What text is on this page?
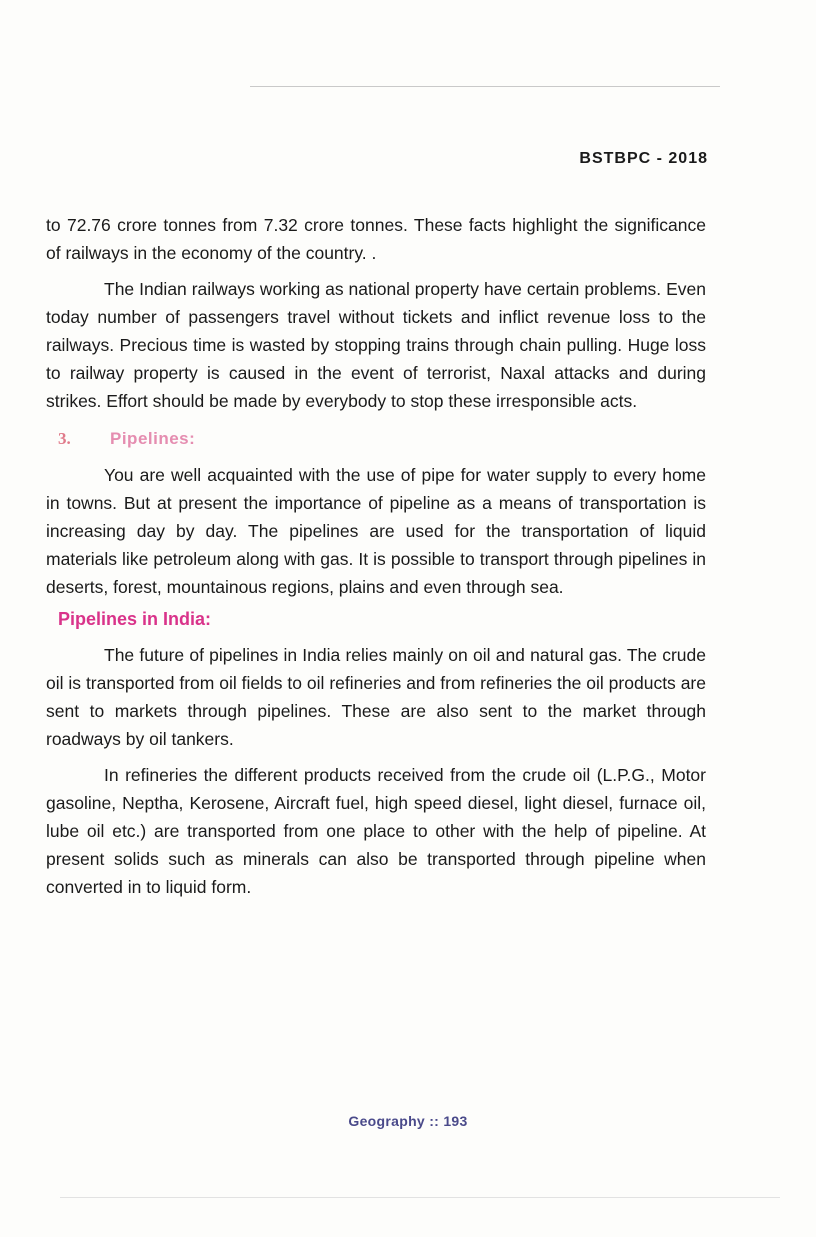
BSTBPC - 2018

to 72.76 crore tonnes from 7.32 crore tonnes. These facts highlight the significance of railways in the economy of the country. .

The Indian railways working as national property have certain problems. Even today number of passengers travel without tickets and inflict revenue loss to the railways. Precious time is wasted by stopping trains through chain pulling. Huge loss to railway property is caused in the event of terrorist, Naxal attacks and during strikes. Effort should be made by everybody to stop these irresponsible acts.

3. Pipelines:

You are well acquainted with the use of pipe for water supply to every home in towns. But at present the importance of pipeline as a means of transportation is increasing day by day. The pipelines are used for the transportation of liquid materials like petroleum along with gas. It is possible to transport through pipelines in deserts, forest, mountainous regions, plains and even through sea.

Pipelines in India:

The future of pipelines in India relies mainly on oil and natural gas. The crude oil is transported from oil fields to oil refineries and from refineries the oil products are sent to markets through pipelines. These are also sent to the market through roadways by oil tankers.

In refineries the different products received from the crude oil (L.P.G., Motor gasoline, Neptha, Kerosene, Aircraft fuel, high speed diesel, light diesel, furnace oil, lube oil etc.) are transported from one place to other with the help of pipeline. At present solids such as minerals can also be transported through pipeline when converted in to liquid form.

Geography :: 193
